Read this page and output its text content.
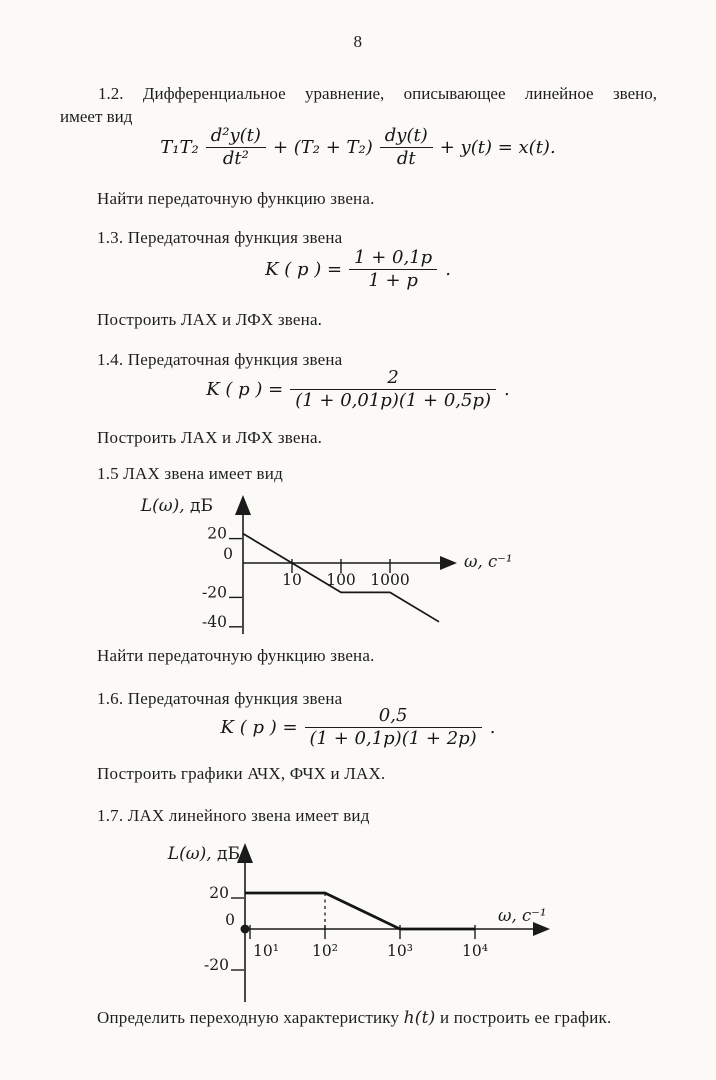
8
1.2. Дифференциальное уравнение, описывающее линейное звено,
имеет вид
$T_1T_2 \frac{\text{d²y(t)}}{\text{dt²}} + (T_2 + T_2) \frac{dy(t)}{dt} + y(t) = x(t)$.
Найти передаточную функцию звена.
1.3. Передаточная функция звена
K ( p ) = $\frac{1 + 0,1p}{1 + p}$ .
Построить ЛАХ и ЛФХ звена.
1.4. Передаточная функция звена
K ( p ) = $\frac{2}{(1 + 0,01p)(1 + 0,5p)}$ .
Построить ЛАХ и ЛФХ звена.
1.5 ЛАХ звена имеет вид
10 100 1000
20
0
-20
-40
L(ω), дБ
ω, c⁻¹
Найти передаточную функцию звена.
1.6. Передаточная функция звена
K ( p ) = $\frac{0,5}{(1 + 0,1p)(1 + 2p)}$ .
Построить графики АЧХ, ФЧХ и ЛАХ.
1.7. ЛАХ линейного звена имеет вид
10¹ 10²	10³	10⁴
20
0
-20
L(ω), дБ
ω, c⁻¹
Определить переходную характеристику h(t) и построить ее график.
